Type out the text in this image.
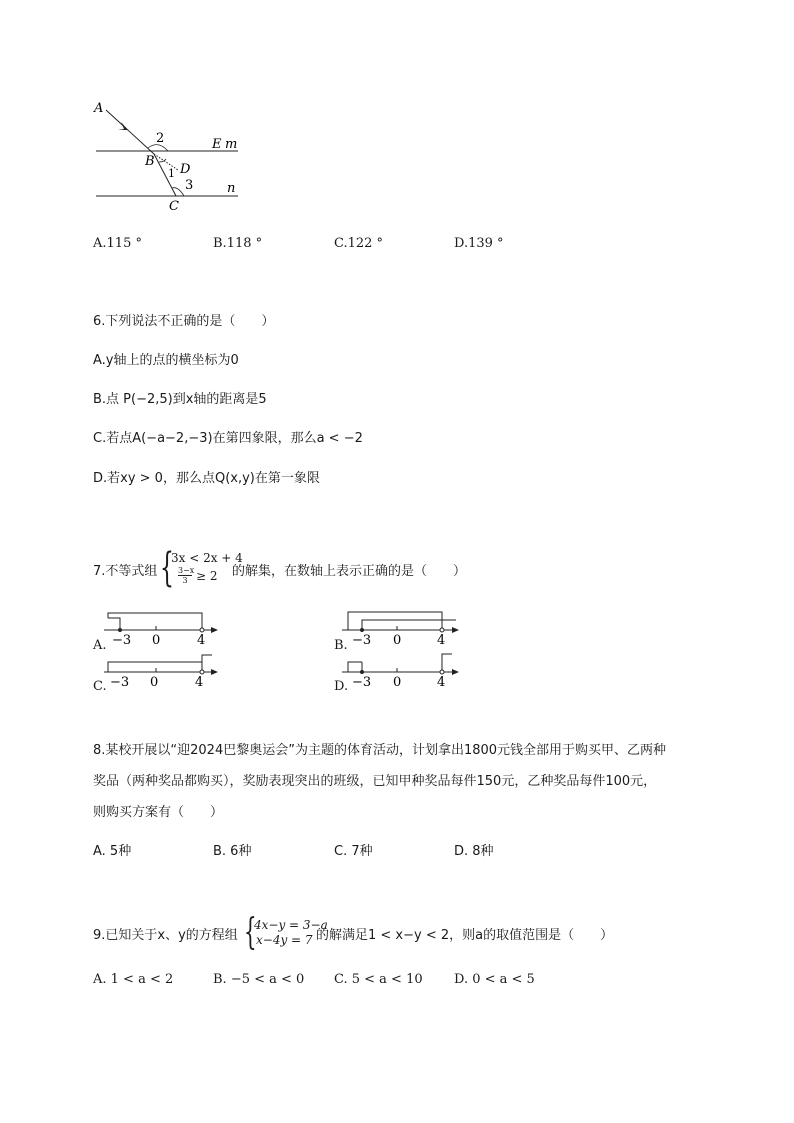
A
2	E m
B
1 D
3	n
C
A.115 °	B.118 °	C.122 °	D.139 °
6.下列说法不正确的是（　　）
A.y轴上的点的横坐标为0
B.点 P(−2,5)到x轴的距离是5
C.若点A(−a−2,−3)在第四象限，那么a < −2
D.若xy > 0，那么点Q(x,y)在第一象限
7.不等式组 {
3x < 2x + 4
$\frac{3-x}{3} \ge 2$ 的解集，在数轴上表示正确的是（　　）
A. −3 0	4	B. −3 0	4
C. −3 0	4	D. −3 0	4
8.某校开展以“迎2024巴黎奥运会”为主题的体育活动，计划拿出1800元钱全部用于购买甲、乙两种
奖品（两种奖品都购买），奖励表现突出的班级，已知甲种奖品每件150元，乙种奖品每件100元，
则购买方案有（　　）
A. 5种	B. 6种	C. 7种	D. 8种
9.已知关于x、y的方程组 {
4x−y = 3−a
x−4y = 7 的解满足1 < x−y < 2，则a的取值范围是（　　）
A. 1 < a < 2	B. −5 < a < 0 C. 5 < a < 10 D. 0 < a < 5
